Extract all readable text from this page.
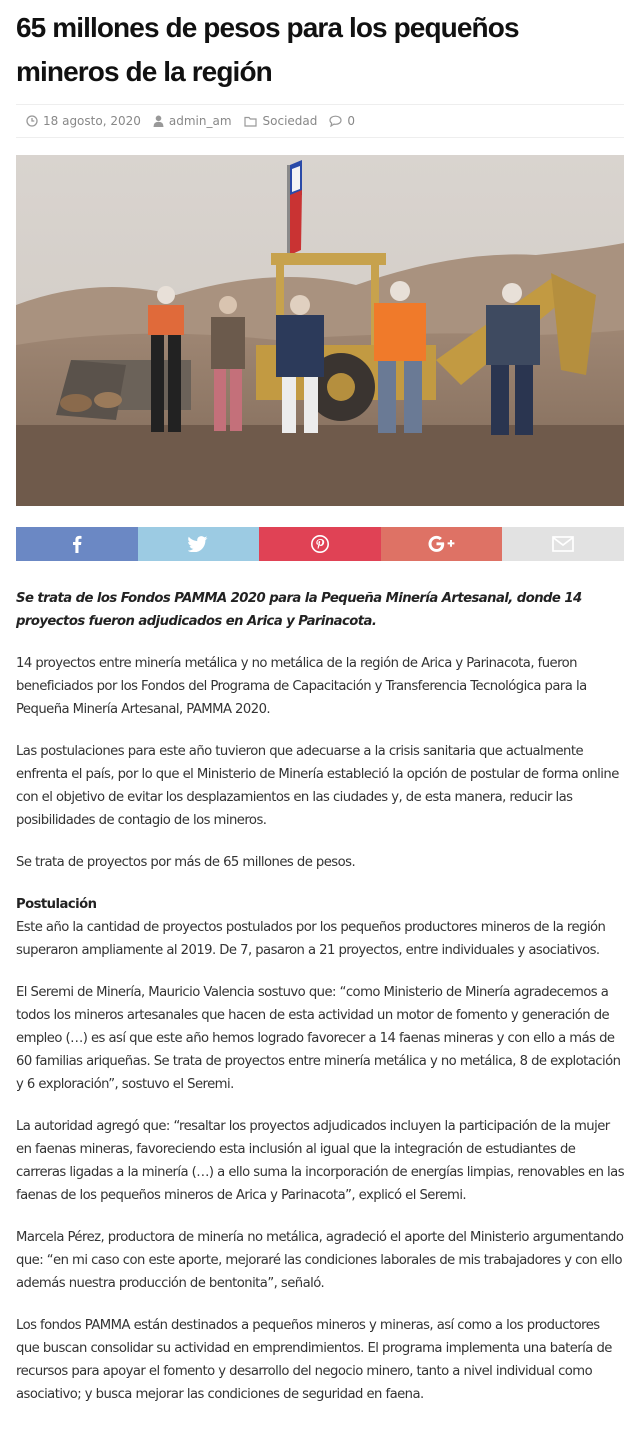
65 millones de pesos para los pequeños mineros de la región
18 agosto, 2020 admin_am	Sociedad	0

Se trata de los Fondos PAMMA 2020 para la Pequeña Minería Artesanal, donde 14 proyectos fueron adjudicados en Arica y Parinacota.

14 proyectos entre minería metálica y no metálica de la región de Arica y Parinacota, fueron beneficiados por los Fondos del Programa de Capacitación y Transferencia Tecnológica para la Pequeña Minería Artesanal, PAMMA 2020.

Las postulaciones para este año tuvieron que adecuarse a la crisis sanitaria que actualmente enfrenta el país, por lo que el Ministerio de Minería estableció la opción de postular de forma online con el objetivo de evitar los desplazamientos en las ciudades y, de esta manera, reducir las posibilidades de contagio de los mineros.

Se trata de proyectos por más de 65 millones de pesos.

Postulación

Este año la cantidad de proyectos postulados por los pequeños productores mineros de la región superaron ampliamente al 2019. De 7, pasaron a 21 proyectos, entre individuales y asociativos.

El Seremi de Minería, Mauricio Valencia sostuvo que: “como Ministerio de Minería agradecemos a todos los mineros artesanales que hacen de esta actividad un motor de fomento y generación de empleo (…) es así que este año hemos logrado favorecer a 14 faenas mineras y con ello a más de 60 familias ariqueñas. Se trata de proyectos entre minería metálica y no metálica, 8 de explotación y 6 exploración”, sostuvo el Seremi.

La autoridad agregó que: “resaltar los proyectos adjudicados incluyen la participación de la mujer en faenas mineras, favoreciendo esta inclusión al igual que la integración de estudiantes de carreras ligadas a la minería (…) a ello suma la incorporación de energías limpias, renovables en las faenas de los pequeños mineros de Arica y Parinacota”, explicó el Seremi.

Marcela Pérez, productora de minería no metálica, agradeció el aporte del Ministerio argumentando que: “en mi caso con este aporte, mejoraré las condiciones laborales de mis trabajadores y con ello además nuestra producción de bentonita”, señaló.

Los fondos PAMMA están destinados a pequeños mineros y mineras, así como a los productores que buscan consolidar su actividad en emprendimientos. El programa implementa una batería de recursos para apoyar el fomento y desarrollo del negocio minero, tanto a nivel individual como asociativo; y busca mejorar las condiciones de seguridad en faena.
